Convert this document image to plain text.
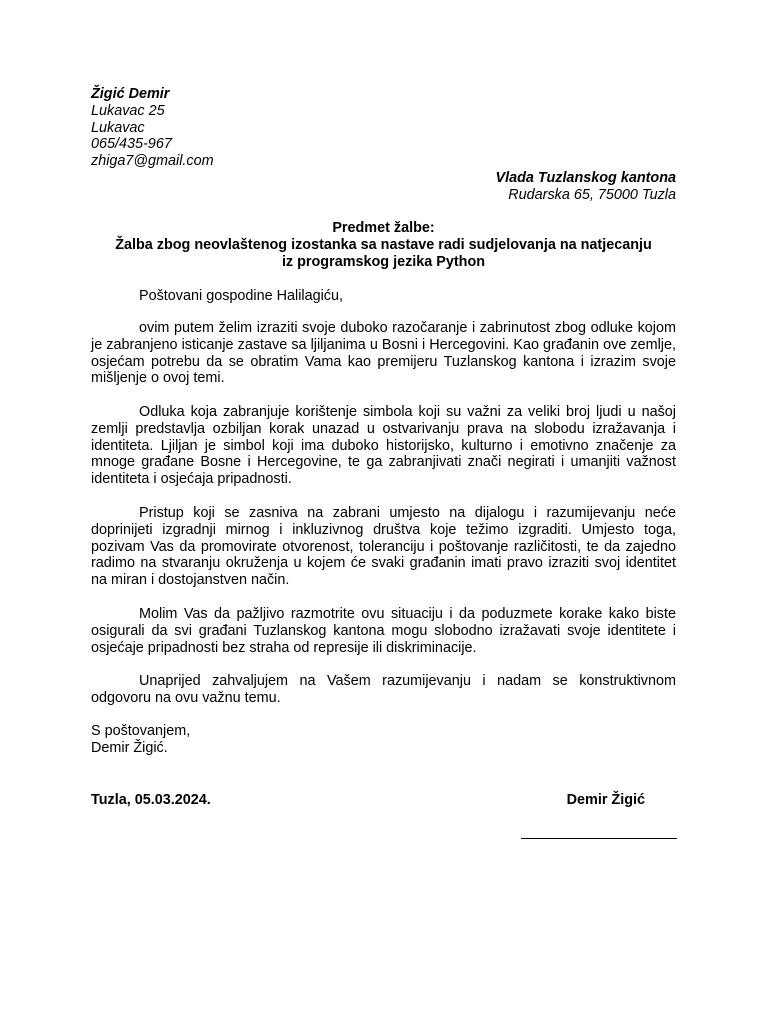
Žigić Demir
Lukavac 25
Lukavac
065/435-967
zhiga7@gmail.com
Vlada Tuzlanskog kantona
Rudarska 65, 75000 Tuzla
Predmet žalbe:
Žalba zbog neovlaštenog izostanka sa nastave radi sudjelovanja na natjecanju
iz programskog jezika Python
Poštovani gospodine Halilagiću,
ovim putem želim izraziti svoje duboko razočaranje i zabrinutost zbog odluke kojom je zabranjeno isticanje zastave sa ljiljanima u Bosni i Hercegovini. Kao građanin ove zemlje, osjećam potrebu da se obratim Vama kao premijeru Tuzlanskog kantona i izrazim svoje mišljenje o ovoj temi.
Odluka koja zabranjuje korištenje simbola koji su važni za veliki broj ljudi u našoj zemlji predstavlja ozbiljan korak unazad u ostvarivanju prava na slobodu izražavanja i identiteta. Ljiljan je simbol koji ima duboko historijsko, kulturno i emotivno značenje za mnoge građane Bosne i Hercegovine, te ga zabranjivati znači negirati i umanjiti važnost identiteta i osjećaja pripadnosti.
Pristup koji se zasniva na zabrani umjesto na dijalogu i razumijevanju neće doprinijeti izgradnji mirnog i inkluzivnog društva koje težimo izgraditi. Umjesto toga, pozivam Vas da promovirate otvorenost, toleranciju i poštovanje različitosti, te da zajedno radimo na stvaranju okruženja u kojem će svaki građanin imati pravo izraziti svoj identitet na miran i dostojanstven način.
Molim Vas da pažljivo razmotrite ovu situaciju i da poduzmete korake kako biste osigurali da svi građani Tuzlanskog kantona mogu slobodno izražavati svoje identitete i osjećaje pripadnosti bez straha od represije ili diskriminacije.
Unaprijed zahvaljujem na Vašem razumijevanju i nadam se konstruktivnom odgovoru na ovu važnu temu.
S poštovanjem,
Demir Žigić.
Tuzla, 05.03.2024.	Demir Žigić
